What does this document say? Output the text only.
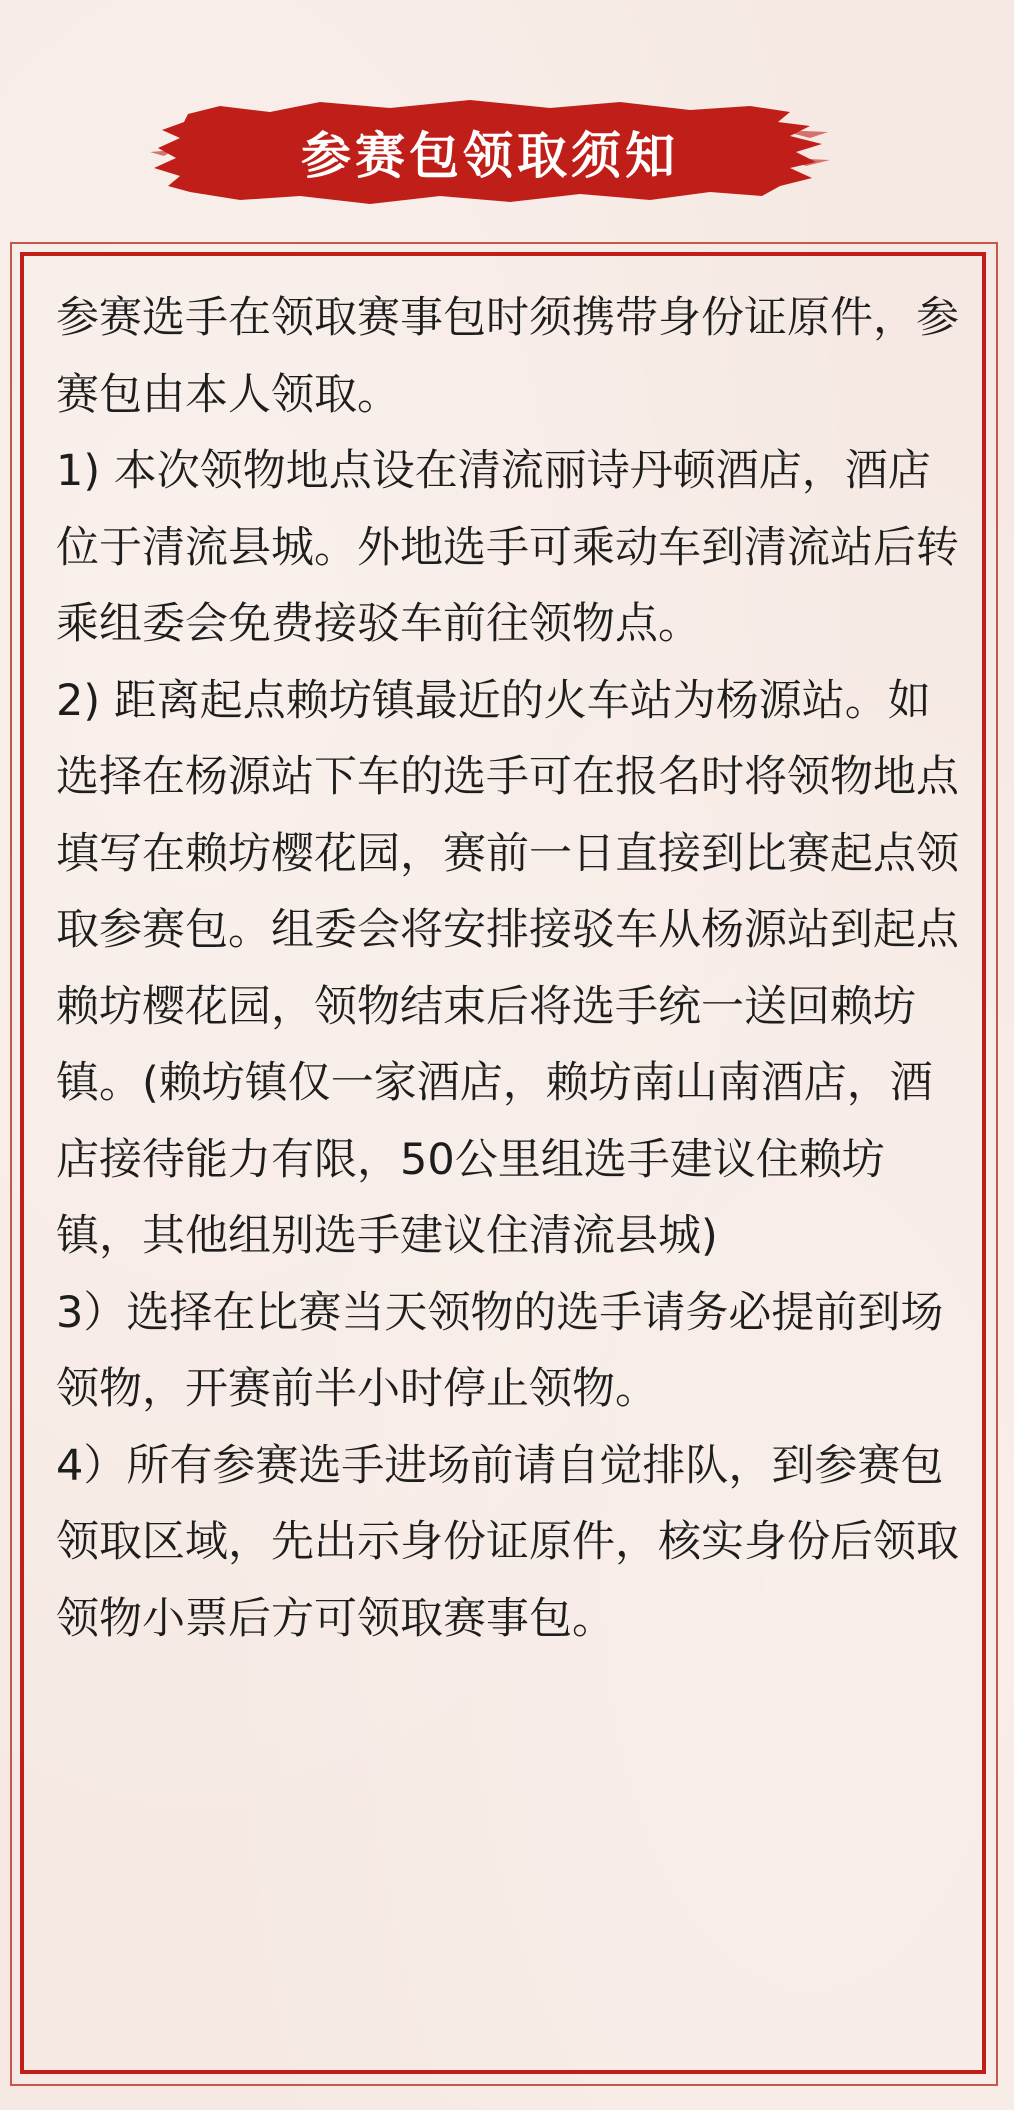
参赛包领取须知

参赛选手在领取赛事包时须携带身份证原件，参赛包由本人领取。

1) 本次领物地点设在清流丽诗丹顿酒店，酒店位于清流县城。外地选手可乘动车到清流站后转乘组委会免费接驳车前往领物点。

2) 距离起点赖坊镇最近的火车站为杨源站。如选择在杨源站下车的选手可在报名时将领物地点填写在赖坊樱花园，赛前一日直接到比赛起点领取参赛包。组委会将安排接驳车从杨源站到起点赖坊樱花园，领物结束后将选手统一送回赖坊镇。(赖坊镇仅一家酒店，赖坊南山南酒店，酒店接待能力有限，50公里组选手建议住赖坊镇，其他组别选手建议住清流县城)

3）选择在比赛当天领物的选手请务必提前到场领物，开赛前半小时停止领物。

4）所有参赛选手进场前请自觉排队，到参赛包领取区域，先出示身份证原件，核实身份后领取领物小票后方可领取赛事包。
